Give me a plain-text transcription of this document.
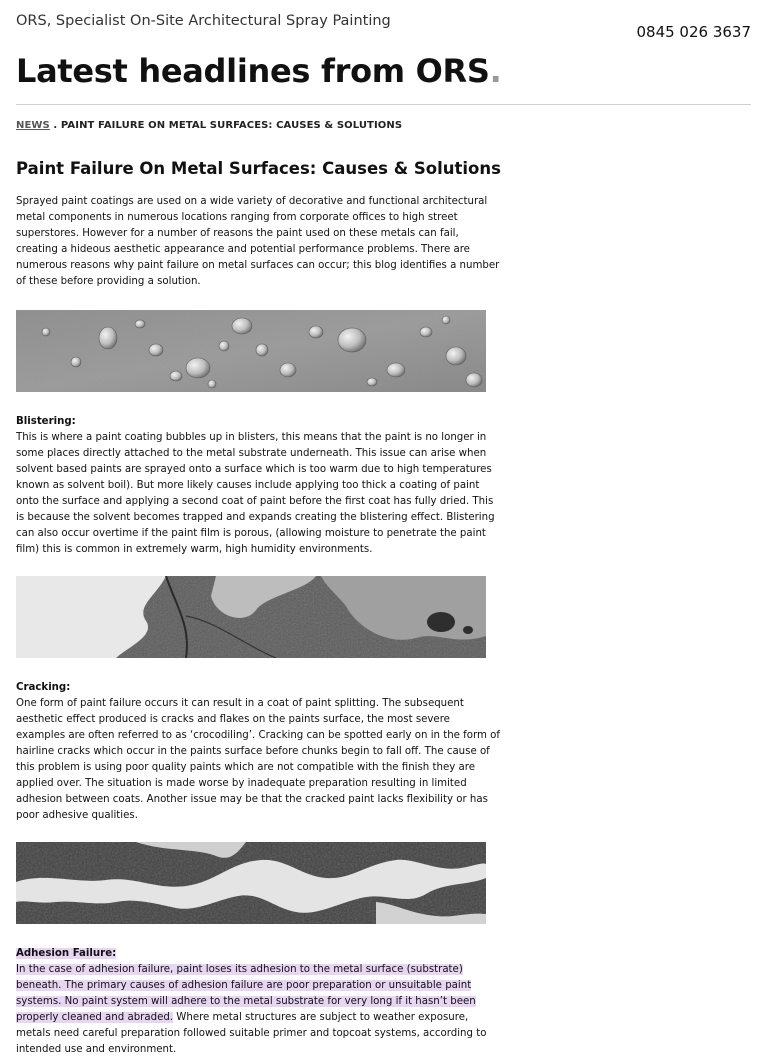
ORS, Specialist On-Site Architectural Spray Painting
0845 026 3637
Latest headlines from ORS.
NEWS . PAINT FAILURE ON METAL SURFACES: CAUSES & SOLUTIONS
Paint Failure On Metal Surfaces: Causes & Solutions

Sprayed paint coatings are used on a wide variety of decorative and functional architectural metal components in numerous locations ranging from corporate offices to high street superstores. However for a number of reasons the paint used on these metals can fail, creating a hideous aesthetic appearance and potential performance problems. There are numerous reasons why paint failure on metal surfaces can occur; this blog identifies a number of these before providing a solution.

Blistering:
This is where a paint coating bubbles up in blisters, this means that the paint is no longer in some places directly attached to the metal substrate underneath. This issue can arise when solvent based paints are sprayed onto a surface which is too warm due to high temperatures known as solvent boil). But more likely causes include applying too thick a coating of paint onto the surface and applying a second coat of paint before the first coat has fully dried. This is because the solvent becomes trapped and expands creating the blistering effect. Blistering can also occur overtime if the paint film is porous, (allowing moisture to penetrate the paint film) this is common in extremely warm, high humidity environments.

Cracking:
One form of paint failure occurs it can result in a coat of paint splitting. The subsequent aesthetic effect produced is cracks and flakes on the paints surface, the most severe examples are often referred to as ‘crocodiling’. Cracking can be spotted early on in the form of hairline cracks which occur in the paints surface before chunks begin to fall off. The cause of this problem is using poor quality paints which are not compatible with the finish they are applied over. The situation is made worse by inadequate preparation resulting in limited adhesion between coats. Another issue may be that the cracked paint lacks flexibility or has poor adhesive qualities.

Adhesion Failure:
In the case of adhesion failure, paint loses its adhesion to the metal surface (substrate) beneath. The primary causes of adhesion failure are poor preparation or unsuitable paint systems. No paint system will adhere to the metal substrate for very long if it hasn’t been properly cleaned and abraded. Where metal structures are subject to weather exposure, metals need careful preparation followed suitable primer and topcoat systems, according to intended use and environment.
